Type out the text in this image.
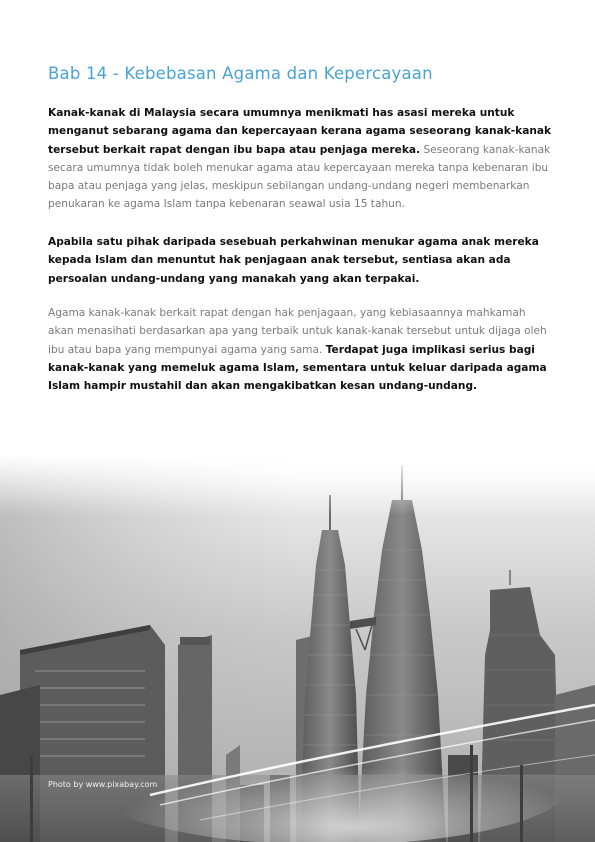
Bab 14 - Kebebasan Agama dan Kepercayaan

Kanak-kanak di Malaysia secara umumnya menikmati has asasi mereka untuk menganut sebarang agama dan kepercayaan kerana agama seseorang kanak-kanak tersebut berkait rapat dengan ibu bapa atau penjaga mereka. Seseorang kanak-kanak secara umumnya tidak boleh menukar agama atau kepercayaan mereka tanpa kebenaran ibu bapa atau penjaga yang jelas, meskipun sebilangan undang-undang negeri membenarkan penukaran ke agama Islam tanpa kebenaran seawal usia 15 tahun.

Apabila satu pihak daripada sesebuah perkahwinan menukar agama anak mereka kepada Islam dan menuntut hak penjagaan anak tersebut, sentiasa akan ada persoalan undang-undang yang manakah yang akan terpakai.

Agama kanak-kanak berkait rapat dengan hak penjagaan, yang kebiasaannya mahkamah akan menasihati berdasarkan apa yang terbaik untuk kanak-kanak tersebut untuk dijaga oleh ibu atau bapa yang mempunyai agama yang sama. Terdapat juga implikasi serius bagi kanak-kanak yang memeluk agama Islam, sementara untuk keluar daripada agama Islam hampir mustahil dan akan mengakibatkan kesan undang-undang.

Photo by www.pixabay.com
